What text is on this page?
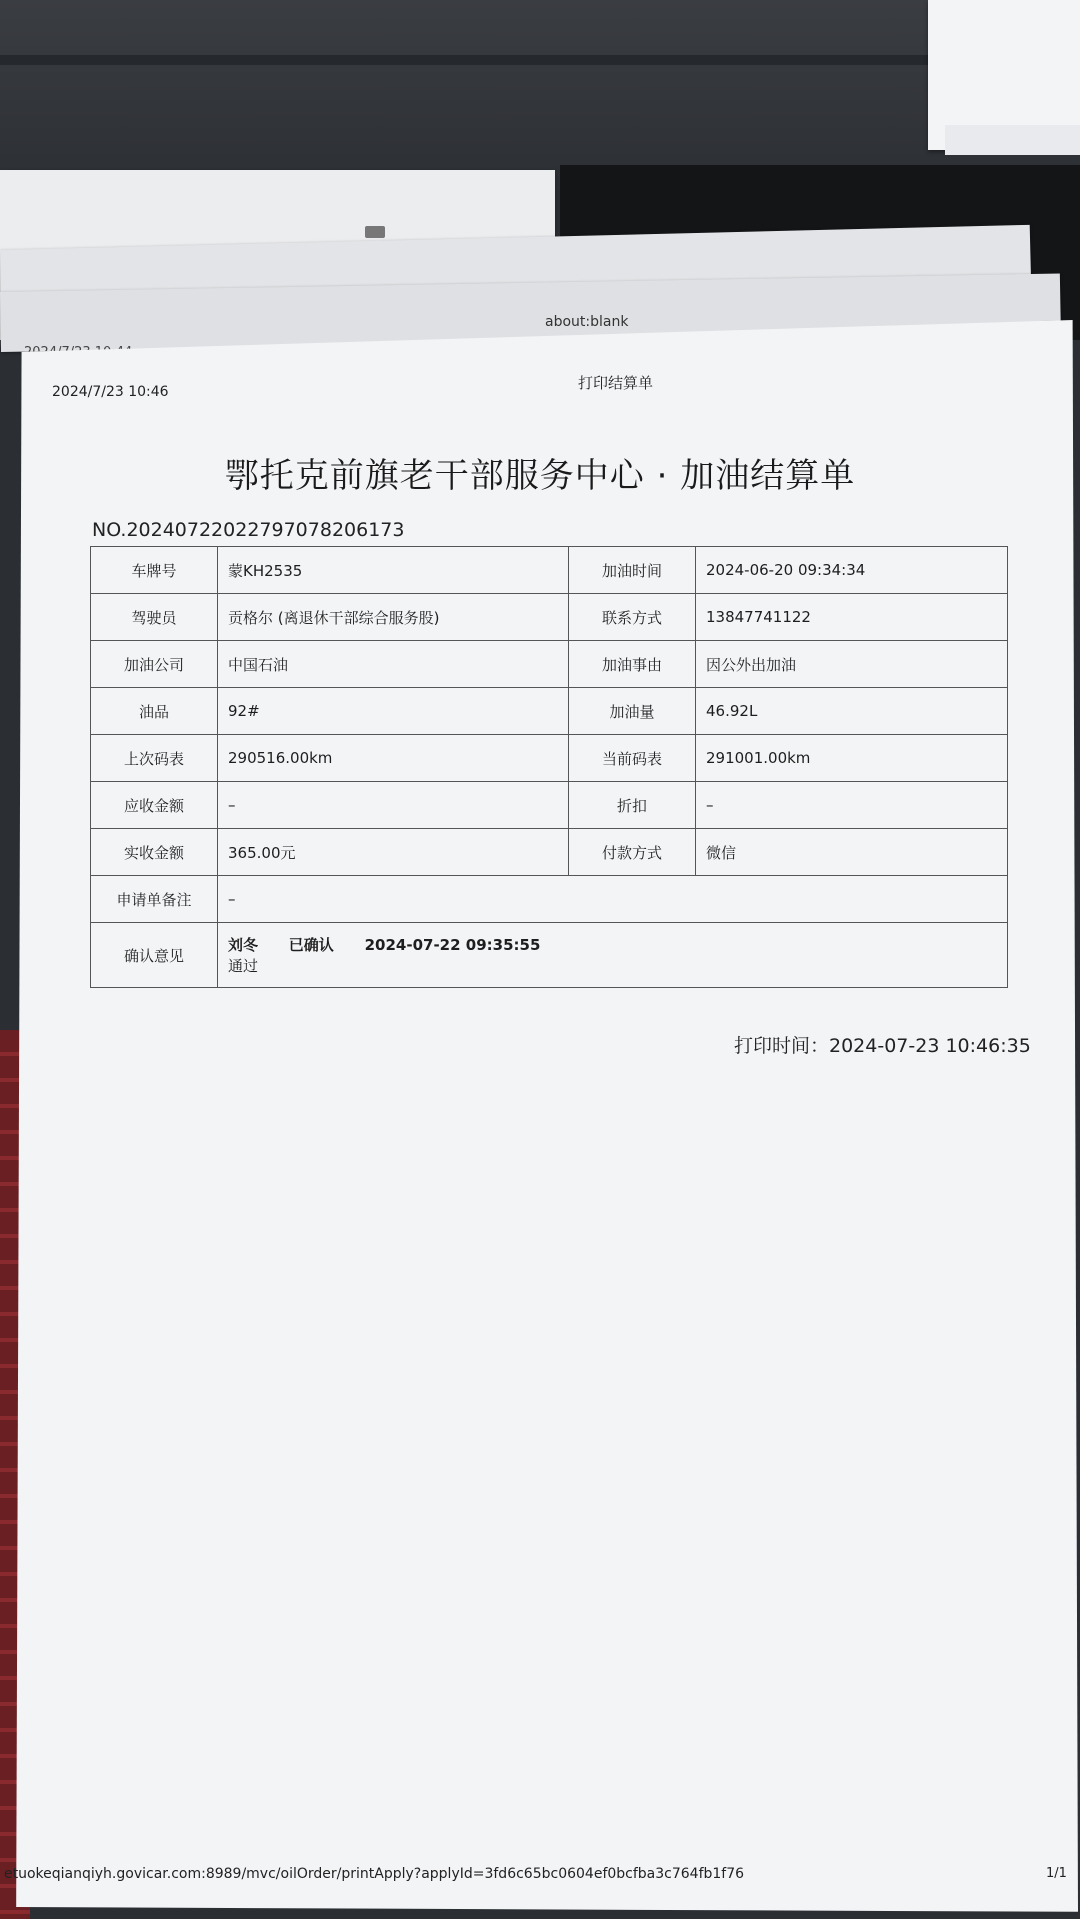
about:blank
2024/7/23 10:46	打印结算单
鄂托克前旗老干部服务中心 · 加油结算单
NO.20240722022797078206173
车牌号	蒙KH2535	加油时间	2024-06-20 09:34:34
驾驶员	贡格尔 (离退休干部综合服务股)	联系方式	13847741122
加油公司	中国石油	加油事由	因公外出加油
油品	92#	加油量	46.92L
上次码表	290516.00km	当前码表	291001.00km
应收金额	–	折扣	–
实收金额	365.00元	付款方式	微信
申请单备注	–		
确认意见	刘冬 已确认 2024-07-22 09:35:55
通过		
打印时间：2024-07-23 10:46:35
etuokeqianqiyh.govicar.com:8989/mvc/oilOrder/printApply?applyId=3fd6c65bc0604ef0bcfba3c764fb1f76	1/1
